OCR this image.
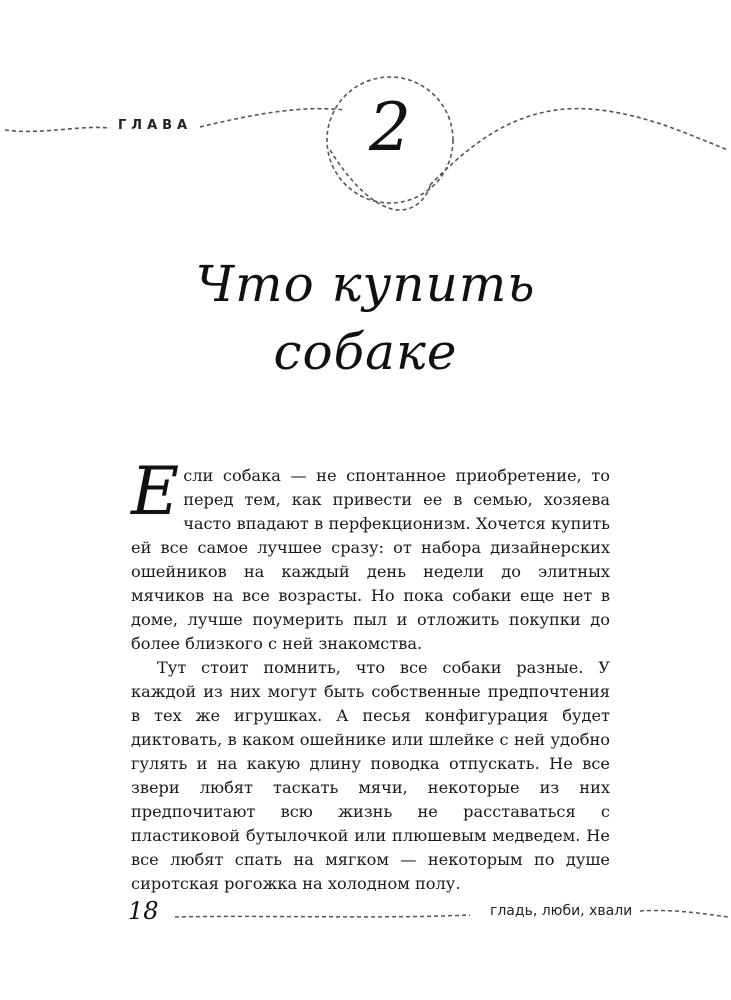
ГЛАВА	2
Что купить
собаке

Если собака — не спонтанное приобретение, то перед тем, как привести ее в семью, хозяева часто впадают в перфекционизм. Хочется купить ей все самое лучшее сразу: от набора дизайнерских ошейников на каждый день недели до элитных мячиков на все возрасты. Но пока собаки еще нет в доме, лучше поумерить пыл и отложить покупки до более близкого с ней знакомства.

Тут стоит помнить, что все собаки разные. У каждой из них могут быть собственные предпочтения в тех же игрушках. А песья конфигурация будет диктовать, в каком ошейнике или шлейке с ней удобно гулять и на какую длину поводка отпускать. Не все звери любят таскать мячи, некоторые из них предпочитают всю жизнь не расставаться с пластиковой бутылочкой или плюшевым медведем. Не все любят спать на мягком — некоторым по душе сиротская рогожка на холодном полу.

18	гладь, люби, хвали
